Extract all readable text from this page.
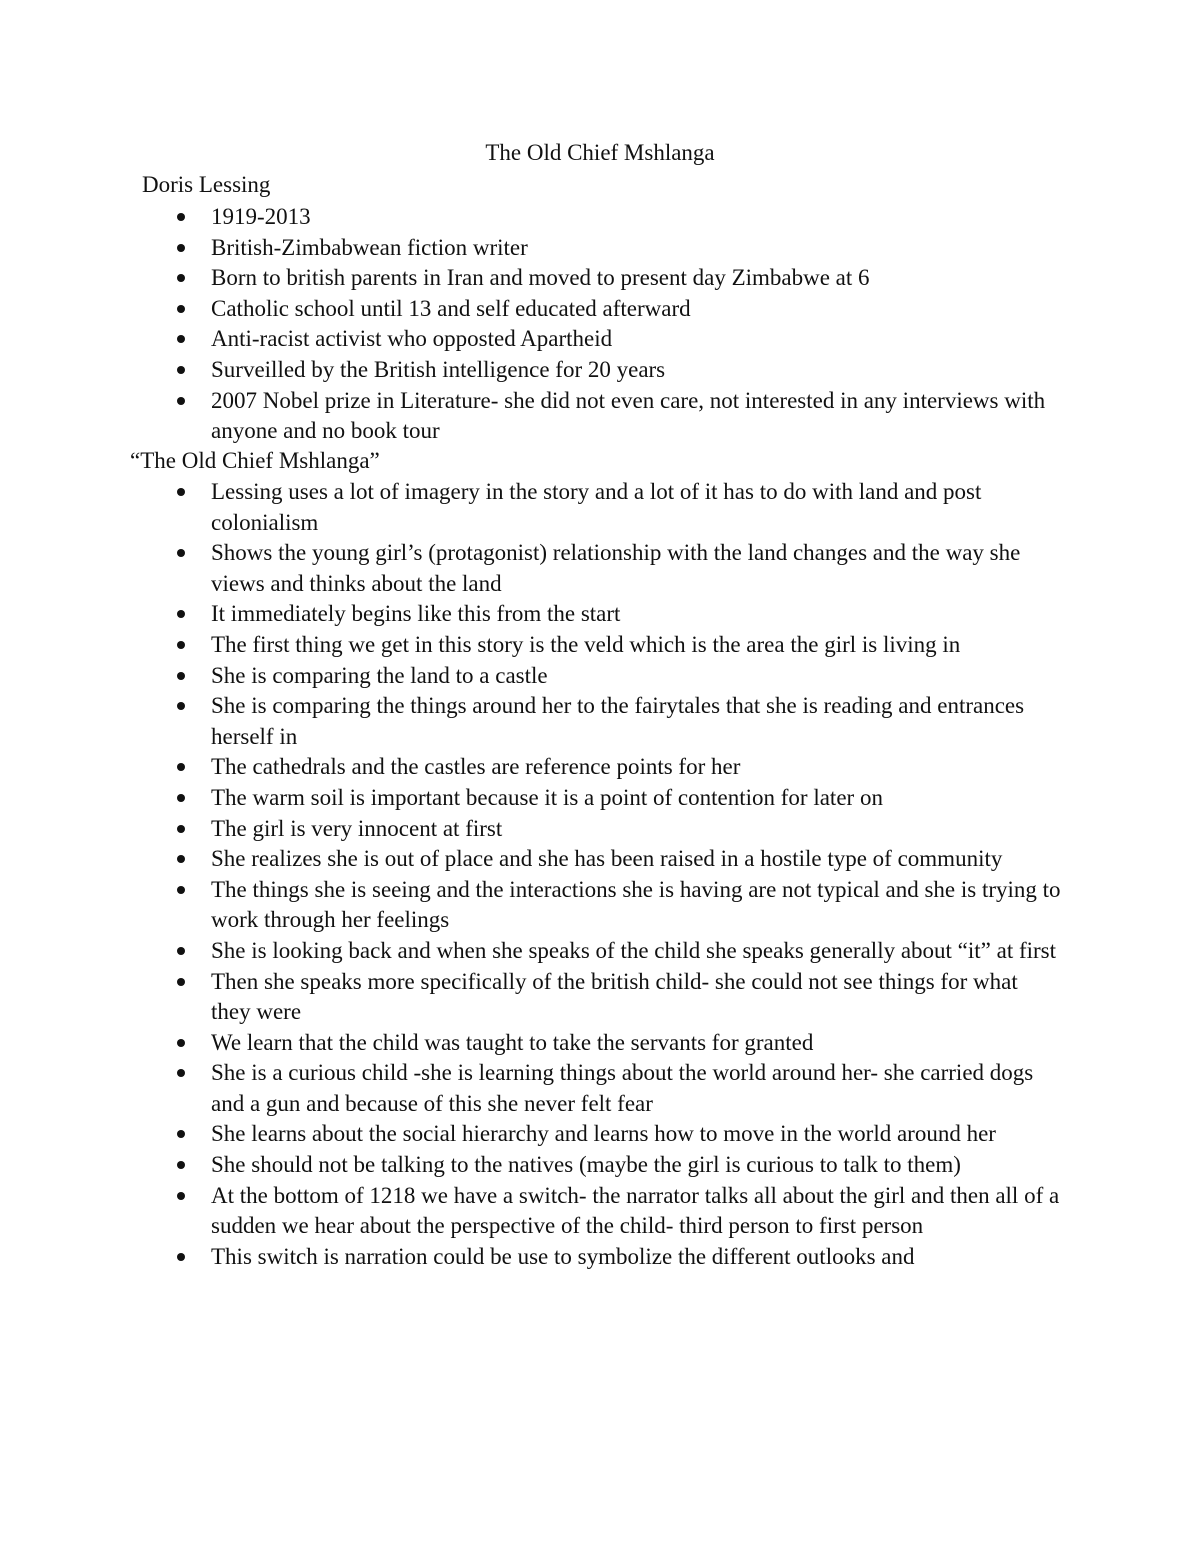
The Old Chief Mshlanga
Doris Lessing
1919-2013
British-Zimbabwean fiction writer
Born to british parents in Iran and moved to present day Zimbabwe at 6
Catholic school until 13 and self educated afterward
Anti-racist activist who opposted Apartheid
Surveilled by the British intelligence for 20 years
2007 Nobel prize in Literature- she did not even care, not interested in any interviews with anyone and no book tour
“The Old Chief Mshlanga”
Lessing uses a lot of imagery in the story and a lot of it has to do with land and post colonialism
Shows the young girl’s (protagonist) relationship with the land changes and the way she views and thinks about the land
It immediately begins like this from the start
The first thing we get in this story is the veld which is the area the girl is living in
She is comparing the land to a castle
She is comparing the things around her to the fairytales that she is reading and entrances herself in
The cathedrals and the castles are reference points for her
The warm soil is important because it is a point of contention for later on
The girl is very innocent at first
She realizes she is out of place and she has been raised in a hostile type of community
The things she is seeing and the interactions she is having are not typical and she is trying to work through her feelings
She is looking back and when she speaks of the child she speaks generally about “it” at first
Then she speaks more specifically of the british child- she could not see things for what they were
We learn that the child was taught to take the servants for granted
She is a curious child -she is learning things about the world around her- she carried dogs and a gun and because of this she never felt fear
She learns about the social hierarchy and learns how to move in the world around her
She should not be talking to the natives (maybe the girl is curious to talk to them)
At the bottom of 1218 we have a switch- the narrator talks all about the girl and then all of a sudden we hear about the perspective of the child- third person to first person
This switch is narration could be use to symbolize the different outlooks and
